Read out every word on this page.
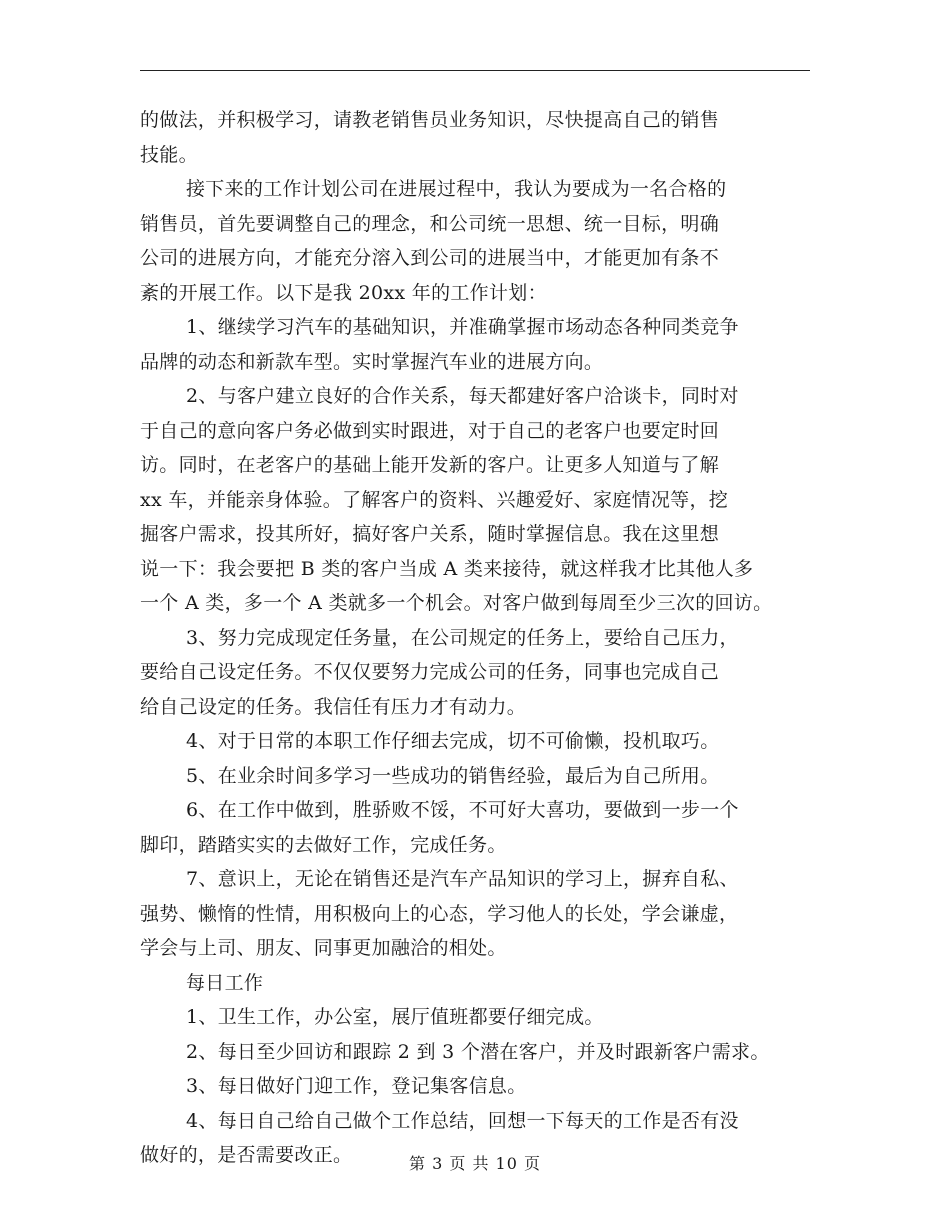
的做法，并积极学习，请教老销售员业务知识，尽快提高自己的销售
技能。
接下来的工作计划公司在进展过程中，我认为要成为一名合格的
销售员，首先要调整自己的理念，和公司统一思想、统一目标，明确
公司的进展方向，才能充分溶入到公司的进展当中，才能更加有条不
紊的开展工作。以下是我 20xx 年的工作计划：
1、继续学习汽车的基础知识，并准确掌握市场动态各种同类竞争
品牌的动态和新款车型。实时掌握汽车业的进展方向。
2、与客户建立良好的合作关系，每天都建好客户洽谈卡，同时对
于自己的意向客户务必做到实时跟进，对于自己的老客户也要定时回
访。同时，在老客户的基础上能开发新的客户。让更多人知道与了解
xx 车，并能亲身体验。了解客户的资料、兴趣爱好、家庭情况等，挖
掘客户需求，投其所好，搞好客户关系，随时掌握信息。我在这里想
说一下：我会要把 B 类的客户当成 A 类来接待，就这样我才比其他人多
一个 A 类，多一个 A 类就多一个机会。对客户做到每周至少三次的回访。
3、努力完成现定任务量，在公司规定的任务上，要给自己压力，
要给自己设定任务。不仅仅要努力完成公司的任务，同事也完成自己
给自己设定的任务。我信任有压力才有动力。
4、对于日常的本职工作仔细去完成，切不可偷懒，投机取巧。
5、在业余时间多学习一些成功的销售经验，最后为自己所用。
6、在工作中做到，胜骄败不馁，不可好大喜功，要做到一步一个
脚印，踏踏实实的去做好工作，完成任务。
7、意识上，无论在销售还是汽车产品知识的学习上，摒弃自私、
强势、懒惰的性情，用积极向上的心态，学习他人的长处，学会谦虚，
学会与上司、朋友、同事更加融洽的相处。
每日工作
1、卫生工作，办公室，展厅值班都要仔细完成。
2、每日至少回访和跟踪 2 到 3 个潜在客户，并及时跟新客户需求。
3、每日做好门迎工作，登记集客信息。
4、每日自己给自己做个工作总结，回想一下每天的工作是否有没
做好的，是否需要改正。	第 3 页 共 10 页
